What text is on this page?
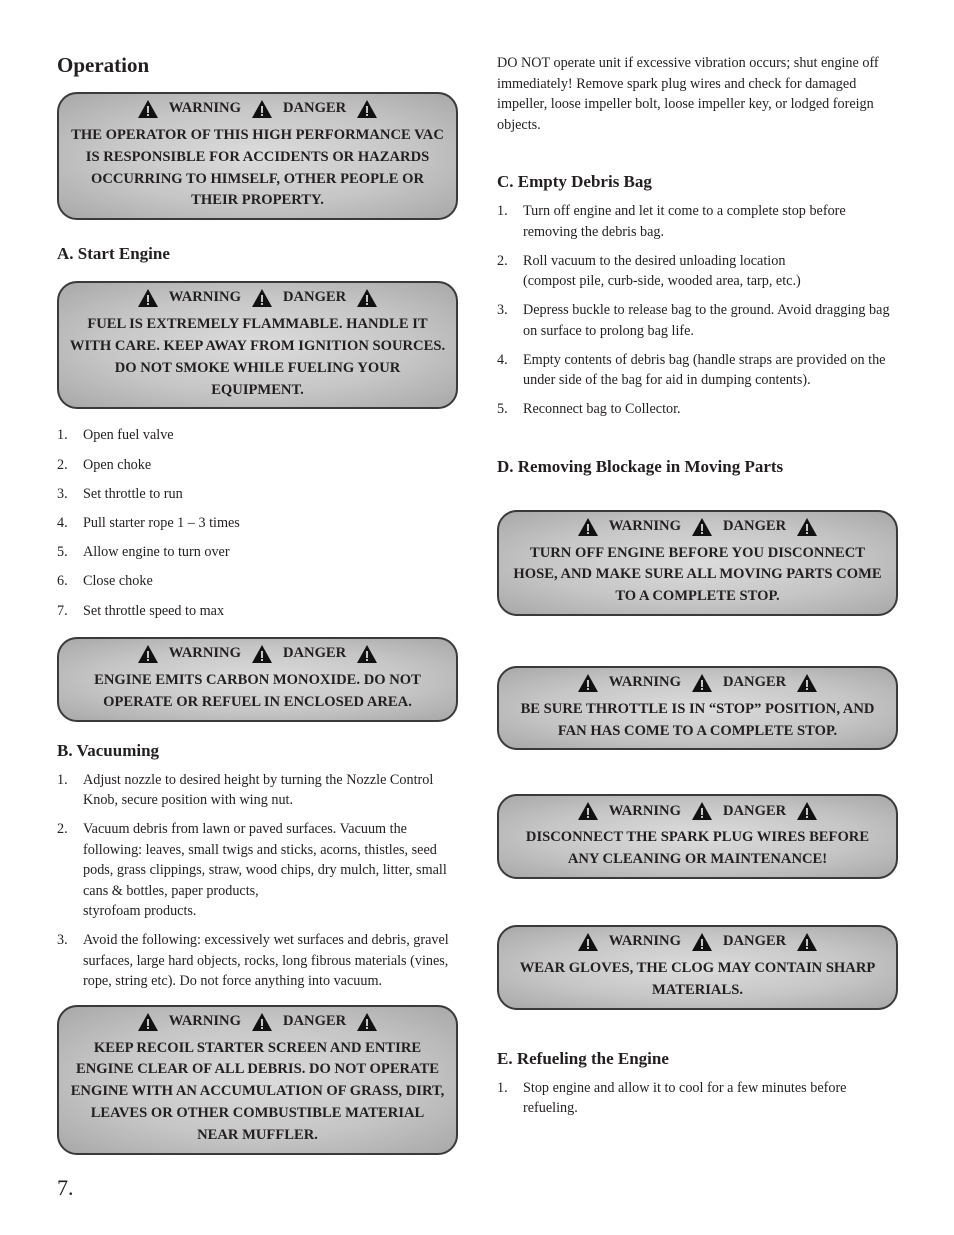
Operation
WARNING	DANGER
THE OPERATOR OF THIS HIGH PERFORMANCE VAC IS RESPONSIBLE FOR ACCIDENTS OR HAZARDS OCCURRING TO HIMSELF, OTHER PEOPLE OR THEIR PROPERTY.
A. Start Engine
WARNING	DANGER
FUEL IS EXTREMELY FLAMMABLE. HANDLE IT WITH CARE. KEEP AWAY FROM IGNITION SOURCES. DO NOT SMOKE WHILE FUELING YOUR EQUIPMENT.
1.	Open fuel valve
2.	Open choke
3.	Set throttle to run
4.	Pull starter rope 1 – 3 times
5.	Allow engine to turn over
6.	Close choke
7.	Set throttle speed to max
WARNING	DANGER
ENGINE EMITS CARBON MONOXIDE. DO NOT OPERATE OR REFUEL IN ENCLOSED AREA.
B. Vacuuming
1.	Adjust nozzle to desired height by turning the Nozzle Control Knob, secure position with wing nut.
2.	Vacuum debris from lawn or paved surfaces. Vacuum the following: leaves, small twigs and sticks, acorns, thistles, seed pods, grass clippings, straw, wood chips, dry mulch, litter, small cans & bottles, paper products,
styrofoam products.
3.	Avoid the following: excessively wet surfaces and debris, gravel surfaces, large hard objects, rocks, long fibrous materials (vines, rope, string etc). Do not force anything into vacuum.
WARNING	DANGER
KEEP RECOIL STARTER SCREEN AND ENTIRE ENGINE CLEAR OF ALL DEBRIS. DO NOT OPERATE ENGINE WITH AN ACCUMULATION OF GRASS, DIRT, LEAVES OR OTHER COMBUSTIBLE MATERIAL NEAR MUFFLER.
7.

DO NOT operate unit if excessive vibration occurs; shut engine off immediately! Remove spark plug wires and check for damaged impeller, loose impeller bolt, loose impeller key, or lodged foreign objects.

C. Empty Debris Bag
1.	Turn off engine and let it come to a complete stop before removing the debris bag.
2.	Roll vacuum to the desired unloading location
(compost pile, curb-side, wooded area, tarp, etc.)
3.	Depress buckle to release bag to the ground. Avoid dragging bag on surface to prolong bag life.
4.	Empty contents of debris bag (handle straps are provided on the under side of the bag for aid in dumping contents).
5.	Reconnect bag to Collector.
D. Removing Blockage in Moving Parts
WARNING	DANGER
TURN OFF ENGINE BEFORE YOU DISCONNECT HOSE, AND MAKE SURE ALL MOVING PARTS COME TO A COMPLETE STOP.
WARNING	DANGER
BE SURE THROTTLE IS IN “STOP” POSITION, AND FAN HAS COME TO A COMPLETE STOP.
WARNING	DANGER
DISCONNECT THE SPARK PLUG WIRES BEFORE ANY CLEANING OR MAINTENANCE!
WARNING	DANGER
WEAR GLOVES, THE CLOG MAY CONTAIN SHARP MATERIALS.
E. Refueling the Engine
1.	Stop engine and allow it to cool for a few minutes before refueling.
